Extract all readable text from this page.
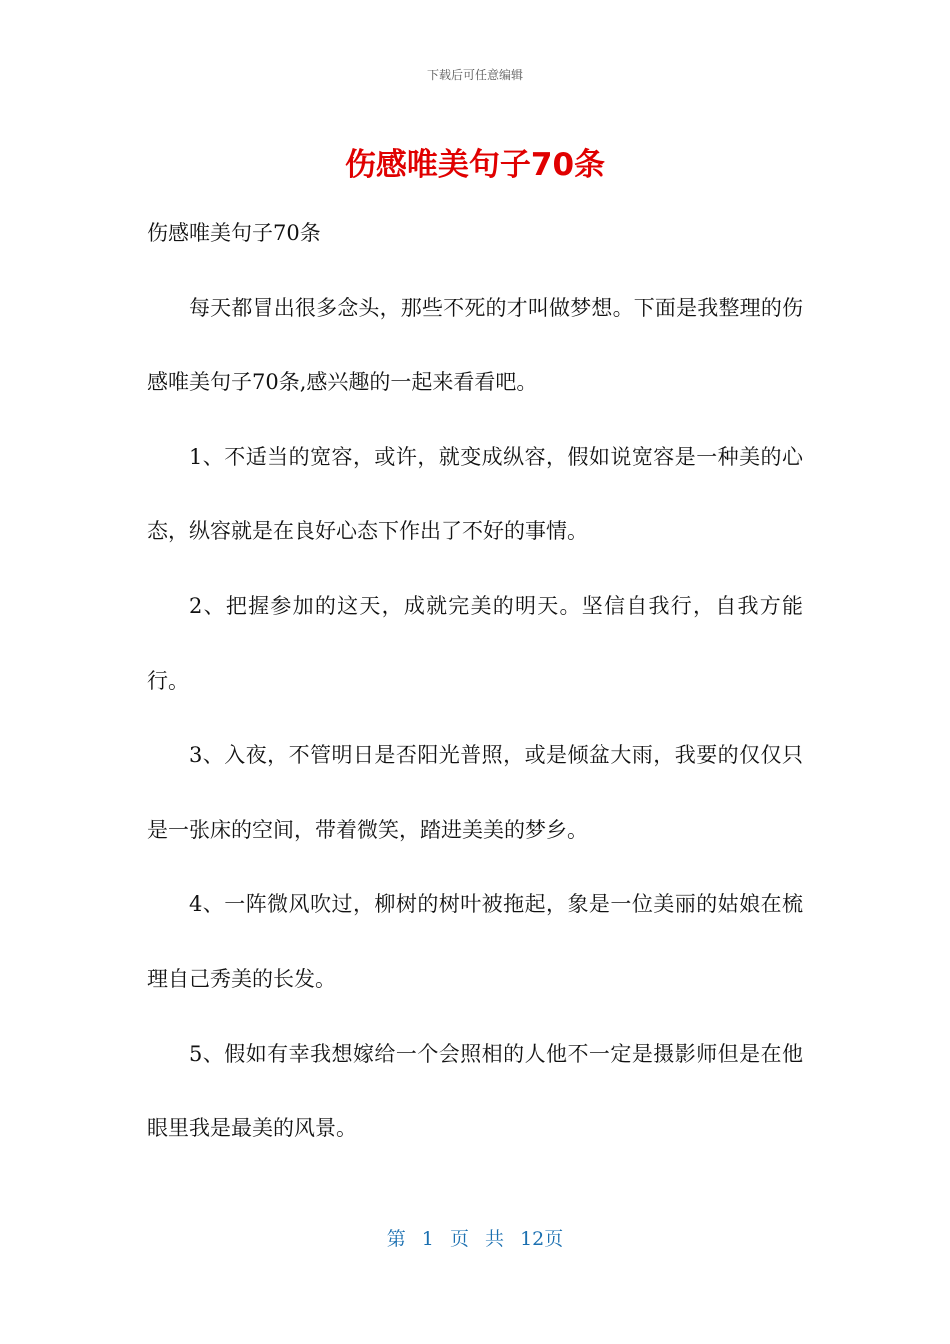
下载后可任意编辑
伤感唯美句子70条

伤感唯美句子70条

每天都冒出很多念头，那些不死的才叫做梦想。下面是我整理的伤感唯美句子70条,感兴趣的一起来看看吧。

1、不适当的宽容，或许，就变成纵容，假如说宽容是一种美的心态，纵容就是在良好心态下作出了不好的事情。

2、把握参加的这天，成就完美的明天。坚信自我行，自我方能行。

3、入夜，不管明日是否阳光普照，或是倾盆大雨，我要的仅仅只是一张床的空间，带着微笑，踏进美美的梦乡。

4、一阵微风吹过，柳树的树叶被拖起，象是一位美丽的姑娘在梳理自己秀美的长发。

5、假如有幸我想嫁给一个会照相的人他不一定是摄影师但是在他眼里我是最美的风景。

第 1 页 共 12页
